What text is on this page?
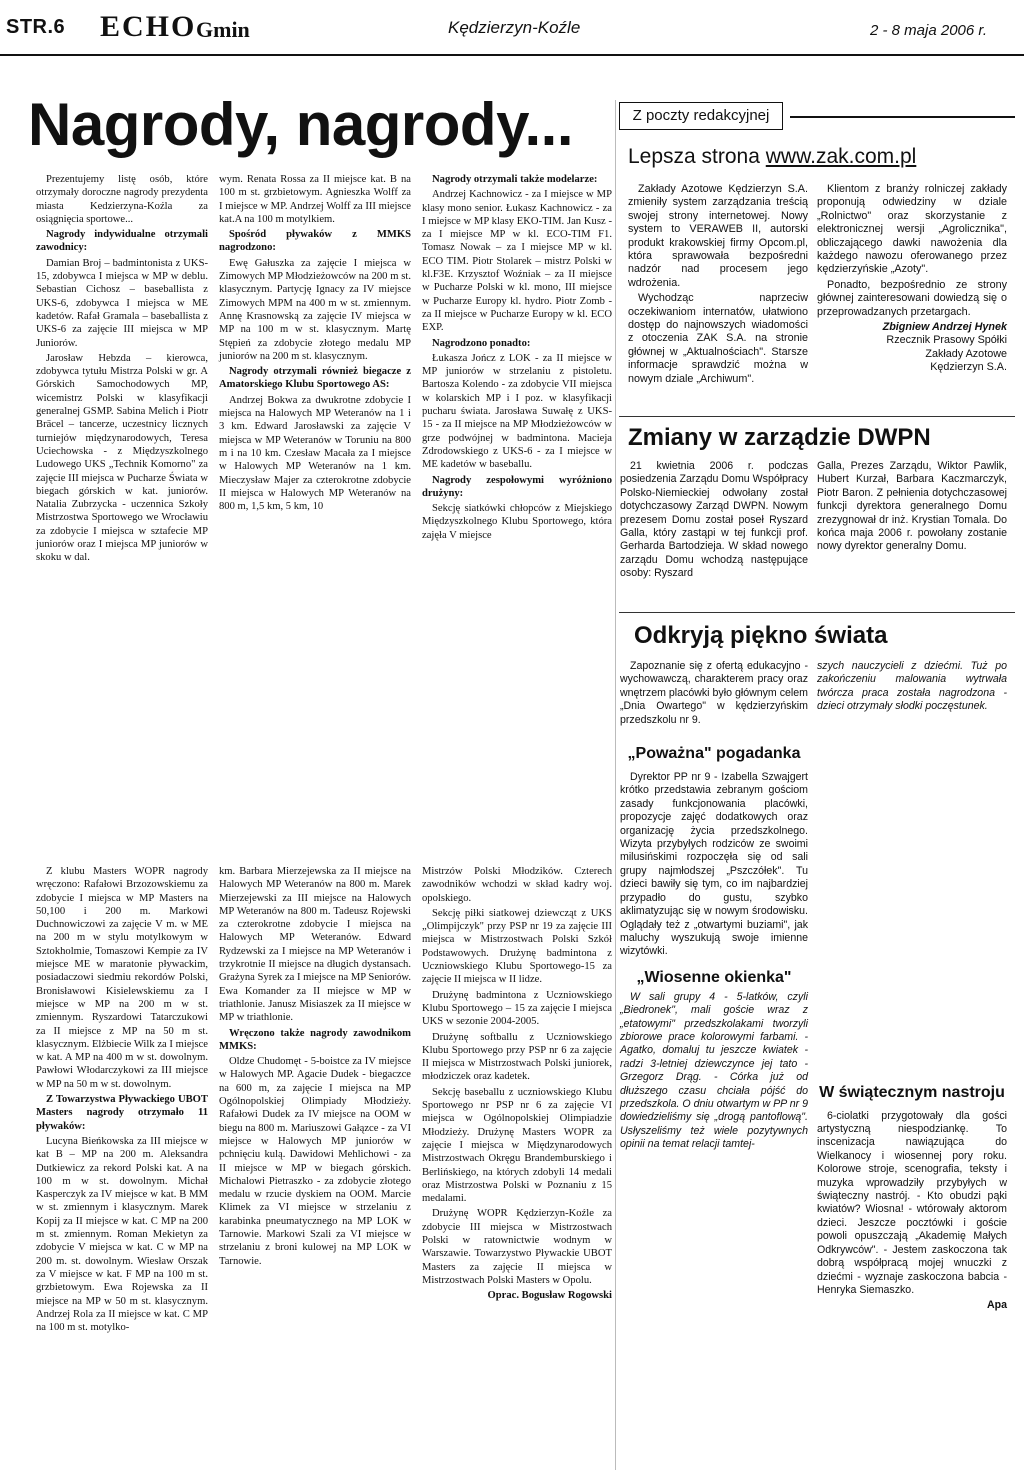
STR.6 ECHO Gmin	Kędzierzyn-Koźle	2 - 8 maja 2006 r.
Nagrody, nagrody...

Prezentujemy listę osób, które otrzymały doroczne nagrody prezydenta miasta Kedzierzyna-Koźla za osiągnięcia sportowe...

Nagrody indywidualne otrzymali zawodnicy:

Damian Broj – badmintonista z UKS-15, zdobywca I miejsca w MP w deblu. Sebastian Cichosz – baseballista z UKS-6, zdobywca I miejsca w ME kadetów. Rafał Gramala – baseballista z UKS-6 za zajęcie III miejsca w MP Juniorów.

Jarosław Hebzda – kierowca, zdobywca tytułu Mistrza Polski w gr. A Górskich Samochodowych MP, wicemistrz Polski w klasyfikacji generalnej GSMP. Sabina Melich i Piotr Bräcel – tancerze, uczestnicy licznych turniejów międzynarodowych, Teresa Uciechowska - z Międzyszkolnego Ludowego UKS „Technik Komorno" za zajęcie III miejsca w Pucharze Świata w biegach górskich w kat. juniorów. Natalia Zubrzycka - uczennica Szkoły Mistrzostwa Sportowego we Wrocławiu za zdobycie I miejsca w sztafecie MP juniorów oraz I miejsca MP juniorów w skoku w dal.

wym. Renata Rossa za II miejsce kat. B na 100 m st. grzbietowym. Agnieszka Wolff za I miejsce w MP. Andrzej Wolff za III miejsce kat.A na 100 m motylkiem.

Spośród pływaków z MMKS nagrodzono:

Ewę Gałuszka za zajęcie I miejsca w Zimowych MP Młodzieżowców na 200 m st. klasycznym. Partycję Ignacy za IV miejsce Zimowych MPM na 400 m w st. zmiennym. Annę Krasnowską za zajęcie IV miejsca w MP na 100 m w st. klasycznym. Martę Stępień za zdobycie złotego medalu MP juniorów na 200 m st. klasycznym.

Nagrody otrzymali również biegacze z Amatorskiego Klubu Sportowego AS:

Andrzej Bokwa za dwukrotne zdobycie I miejsca na Halowych MP Weteranów na 1 i 3 km. Edward Jarosławski za zajęcie V miejsca w MP Weteranów w Toruniu na 800 m i na 10 km. Czesław Macała za I miejsce w Halowych MP Weteranów na 1 km. Mieczysław Majer za czterokrotne zdobycie II miejsca w Halowych MP Weteranów na 800 m, 1,5 km, 5 km, 10

Nagrody otrzymali także modelarze:

Andrzej Kachnowicz - za I miejsce w MP klasy mono senior. Łukasz Kachnowicz - za I miejsce w MP klasy EKO-TIM. Jan Kusz - za I miejsce MP w kl. ECO-TIM F1. Tomasz Nowak – za I miejsce MP w kl. ECO TIM. Piotr Stolarek – mistrz Polski w kl.F3E. Krzysztof Woźniak – za II miejsce w Pucharze Polski w kl. mono, III miejsce w Pucharze Europy kl. hydro. Piotr Zomb - za II miejsce w Pucharze Europy w kl. ECO EXP.

Nagrodzono ponadto:

Łukasza Jończ z LOK - za II miejsce w MP juniorów w strzelaniu z pistoletu. Bartosza Kolendo - za zdobycie VII miejsca w kolarskich MP i I poz. w klasyfikacji pucharu świata. Jarosława Suwałę z UKS-15 - za II miejsce na MP Młodzieżowców w grze podwójnej w badmintona. Macieja Zdrodowskiego z UKS-6 - za I miejsce w ME kadetów w baseballu.

Nagrody zespołowymi wyróżniono drużyny:

Sekcję siatkówki chłopców z Miejskiego Międzyszkolnego Klubu Sportowego, która zajęła V miejsce

Z klubu Masters WOPR nagrody wręczono: Rafałowi Brzozowskiemu za zdobycie I miejsca w MP Masters na 50,100 i 200 m. Markowi Duchnowiczowi za zajęcie V m. w ME na 200 m w stylu motylkowym w Sztokholmie, Tomaszowi Kempie za IV miejsce ME w maratonie pływackim, posiadaczowi siedmiu rekordów Polski, Bronisławowi Kisielewskiemu za I miejsce w MP na 200 m w st. zmiennym. Ryszardowi Tatarczukowi za II miejsce z MP na 50 m st. klasycznym. Elżbiecie Wilk za I miejsce w kat. A MP na 400 m w st. dowolnym. Pawłowi Włodarczykowi za III miejsce w MP na 50 m w st. dowolnym.

Z Towarzystwa Pływackiego UBOT Masters nagrody otrzymało 11 pływaków:

Lucyna Bieńkowska za III miejsce w kat B – MP na 200 m. Aleksandra Dutkiewicz za rekord Polski kat. A na 100 m w st. dowolnym. Michał Kasperczyk za IV miejsce w kat. B MM w st. zmiennym i klasycznym. Marek Kopij za II miejsce w kat. C MP na 200 m st. zmiennym. Roman Mekietyn za zdobycie V miejsca w kat. C w MP na 200 m. st. dowolnym. Wiesław Orszak za V miejsce w kat. F MP na 100 m st. grzbietowym. Ewa Rojewska za II miejsce na MP w 50 m st. klasycznym. Andrzej Rola za II miejsce w kat. C MP na 100 m st. motylko-

km. Barbara Mierzejewska za II miejsce na Halowych MP Weteranów na 800 m. Marek Mierzejewski za III miejsce na Halowych MP Weteranów na 800 m. Tadeusz Rojewski za czterokrotne zdobycie I miejsca na Halowych MP Weteranów. Edward Rydzewski za I miejsce na MP Weteranów i trzykrotnie II miejsce na długich dystansach. Grażyna Syrek za I miejsce na MP Seniorów. Ewa Komander za II miejsce w MP w triathlonie. Janusz Misiaszek za II miejsce w MP w triathlonie.

Wręczono także nagrody zawodnikom MMKS:

Oldze Chudomęt - 5-boistce za IV miejsce w Halowych MP. Agacie Dudek - biegaczce na 600 m, za zajęcie I miejsca na MP Ogólnopolskiej Olimpiady Młodzieży. Rafałowi Dudek za IV miejsce na OOM w biegu na 800 m. Mariuszowi Gałązce - za VI miejsce w Halowych MP juniorów w pchnięciu kulą. Dawidowi Mehlichowi - za II miejsce w MP w biegach górskich. Michalowi Pietraszko - za zdobycie złotego medalu w rzucie dyskiem na OOM. Marcie Klimek za VI miejsce w strzelaniu z karabinka pneumatycznego na MP LOK w Tarnowie. Markowi Szali za VI miejsce w strzelaniu z broni kulowej na MP LOK w Tarnowie.

Mistrzów Polski Młodzików. Czterech zawodników wchodzi w skład kadry woj. opolskiego.

Sekcję piłki siatkowej dziewcząt z UKS „Olimpijczyk" przy PSP nr 19 za zajęcie III miejsca w Mistrzostwach Polski Szkół Podstawowych. Drużynę badmintona z Uczniowskiego Klubu Sportowego-15 za zajęcie II miejsca w II lidze.

Drużynę badmintona z Uczniowskiego Klubu Sportowego – 15 za zajęcie I miejsca UKS w sezonie 2004-2005.

Drużynę softballu z Uczniowskiego Klubu Sportowego przy PSP nr 6 za zajęcie II miejsca w Mistrzostwach Polski juniorek, młodziczek oraz kadetek.

Sekcję baseballu z uczniowskiego Klubu Sportowego nr PSP nr 6 za zajęcie VI miejsca w Ogólnopolskiej Olimpiadzie Młodzieży. Drużynę Masters WOPR za zajęcie I miejsca w Międzynarodowych Mistrzostwach Okręgu Brandemburskiego i Berlińskiego, na których zdobyli 14 medali oraz Mistrzostwa Polski w Poznaniu z 15 medalami.

Drużynę WOPR Kędzierzyn-Koźle za zdobycie III miejsca w Mistrzostwach Polski w ratownictwie wodnym w Warszawie. Towarzystwo Pływackie UBOT Masters za zajęcie II miejsca w Mistrzostwach Polski Masters w Opolu.

Oprac. Bogusław Rogowski

Z poczty redakcyjnej
Lepsza strona www.zak.com.pl

Zakłady Azotowe Kędzierzyn S.A. zmieniły system zarządzania treścią swojej strony internetowej. Nowy system to VERAWEB II, autorski produkt krakowskiej firmy Opcom.pl, która sprawowała bezpośredni nadzór nad procesem jego wdrożenia.

Wychodząc naprzeciw oczekiwaniom internatów, ułatwiono dostęp do najnowszych wiadomości z otoczenia ZAK S.A. na stronie głównej w „Aktualnościach". Starsze informacje sprawdzić można w nowym dziale „Archiwum".

Klientom z branży rolniczej zakłady proponują odwiedziny w dziale „Rolnictwo" oraz skorzystanie z elektronicznej wersji „Agrolicznika", obliczającego dawki nawożenia dla każdego nawozu oferowanego przez kędzierzyńskie „Azoty".

Ponadto, bezpośrednio ze strony głównej zainteresowani dowiedzą się o przeprowadzanych przetargach.

Zbigniew Andrzej Hynek
Rzecznik Prasowy Spółki
Zakłady Azotowe
Kędzierzyn S.A.
Zmiany w zarządzie DWPN

21 kwietnia 2006 r. podczas posiedzenia Zarządu Domu Współpracy Polsko-Niemieckiej odwołany został dotychczasowy Zarząd DWPN. Nowym prezesem Domu został poseł Ryszard Galla, który zastąpi w tej funkcji prof. Gerharda Bartodzieja. W skład nowego zarządu Domu wchodzą następujące osoby: Ryszard

Galla, Prezes Zarządu, Wiktor Pawlik, Hubert Kurzał, Barbara Kaczmarczyk, Piotr Baron. Z pełnienia dotychczasowej funkcji dyrektora generalnego Domu zrezygnował dr inż. Krystian Tomala. Do końca maja 2006 r. powołany zostanie nowy dyrektor generalny Domu.

Odkryją piękno świata

Zapoznanie się z ofertą edukacyjno - wychowawczą, charakterem pracy oraz wnętrzem placówki było głównym celem „Dnia Owartego" w kędzierzyńskim przedszkolu nr 9.

„Poważna" pogadanka

Dyrektor PP nr 9 - Izabella Szwajgert krótko przedstawia zebranym gościom zasady funkcjonowania placówki, propozycje zajęć dodatkowych oraz organizację życia przedszkolnego. Wizyta przybyłych rodziców ze swoimi milusińskimi rozpoczęła się od sali grupy najmłodszej „Pszczółek". Tu dzieci bawiły się tym, co im najbardziej przypadło do gustu, szybko aklimatyzując się w nowym środowisku. Oglądały też z „otwartymi buziami", jak maluchy wyszukują swoje imienne wizytówki.

„Wiosenne okienka"

W sali grupy 4 - 5-latków, czyli „Biedronek", mali goście wraz z „etatowymi" przedszkolakami tworzyli zbiorowe prace kolorowymi farbami. - Agatko, domaluj tu jeszcze kwiatek - radzi 3-letniej dziewczynce jej tato - Grzegorz Drąg. - Córka już od dłuższego czasu chciała pójść do przedszkola. O dniu otwartym w PP nr 9 dowiedzieliśmy się „drogą pantoflową". Usłyszeliśmy też wiele pozytywnych opinii na temat relacji tamtej-

szych nauczycieli z dziećmi. Tuż po zakończeniu malowania wytrwała twórcza praca została nagrodzona - dzieci otrzymały słodki poczęstunek.

W świątecznym nastroju

6-ciolatki przygotowały dla gości artystyczną niespodziankę. To inscenizacja nawiązująca do Wielkanocy i wiosennej pory roku. Kolorowe stroje, scenografia, teksty i muzyka wprowadziły przybyłych w świąteczny nastrój. - Kto obudzi pąki kwiatów? Wiosna! - wtórowały aktorom dzieci. Jeszcze pocztówki i goście powoli opuszczają „Akademię Małych Odkrywców". - Jestem zaskoczona tak dobrą współpracą mojej wnuczki z dziećmi - wyznaje zaskoczona babcia - Henryka Siemaszko.

Apa
